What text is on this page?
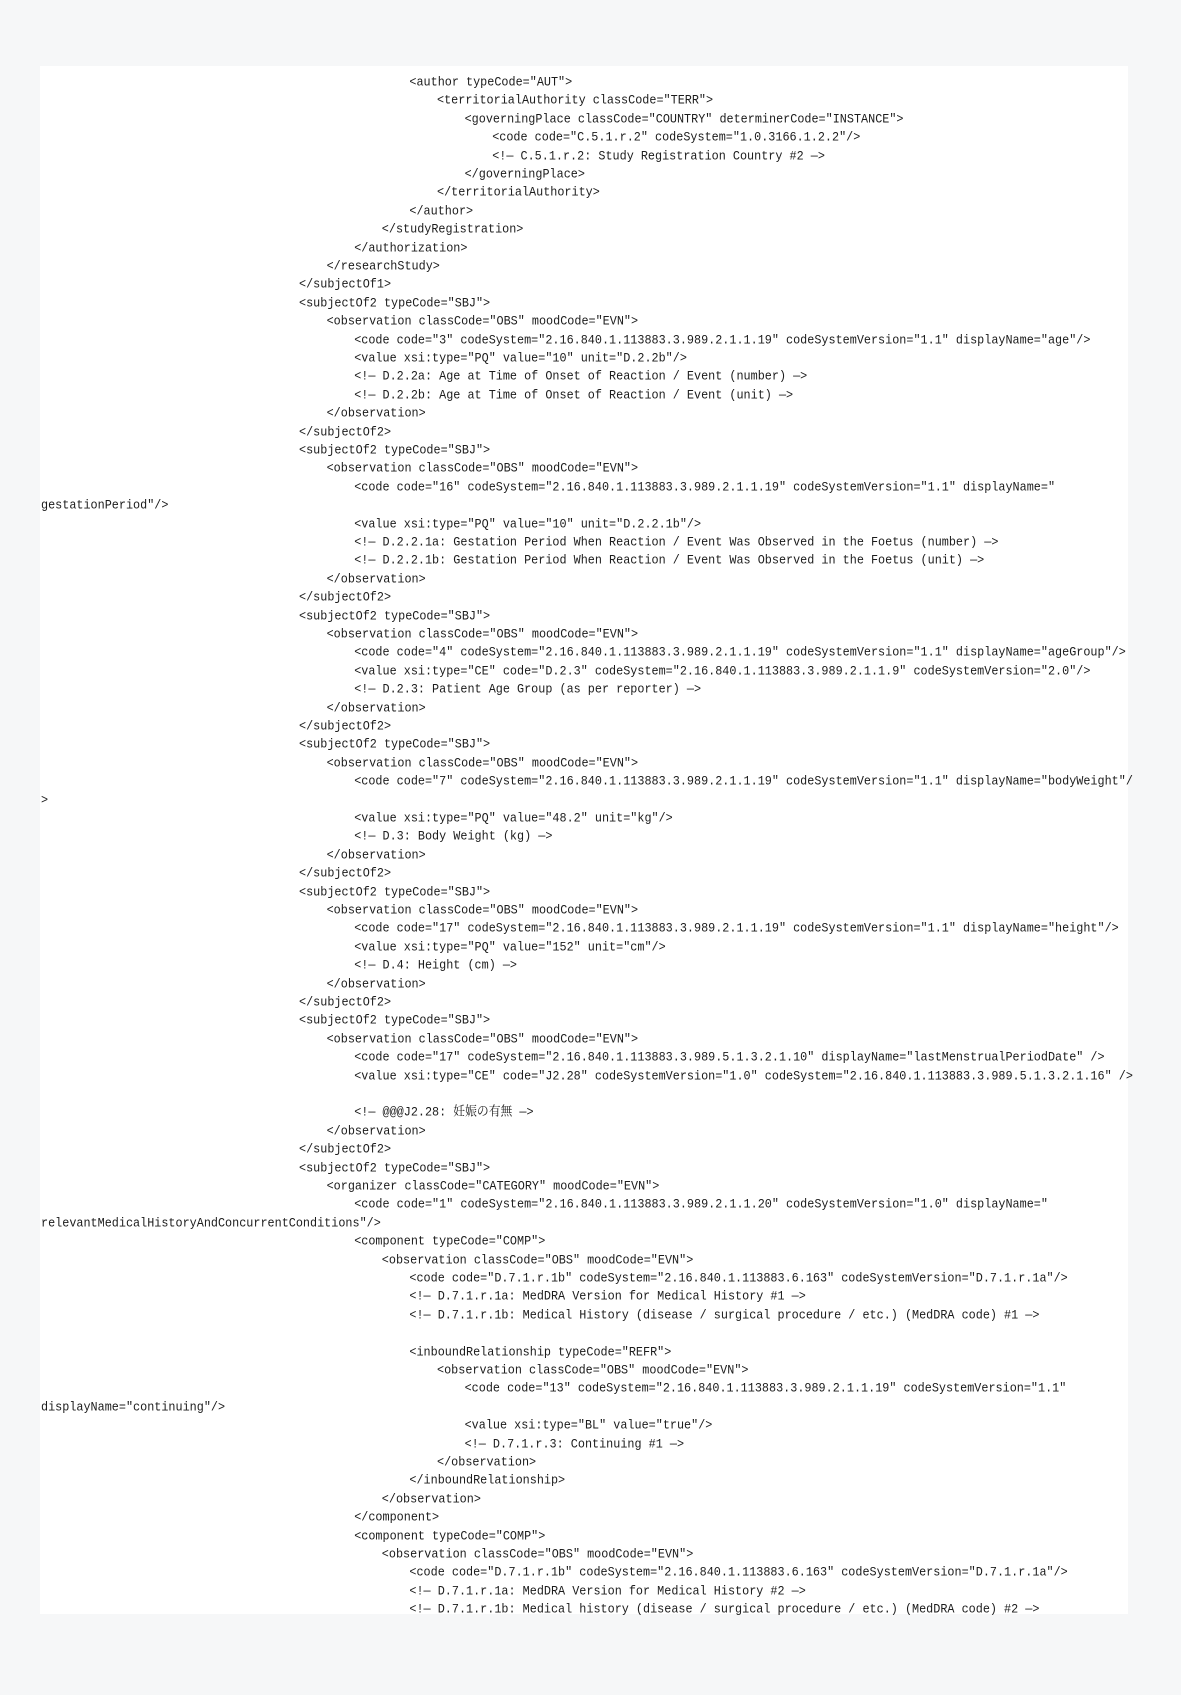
<author typeCode="AUT">
<territorialAuthority classCode="TERR">
<governingPlace classCode="COUNTRY" determinerCode="INSTANCE">
<code code="C.5.1.r.2" codeSystem="1.0.3166.1.2.2"/>
<!— C.5.1.r.2: Study Registration Country #2 —>
</governingPlace>
</territorialAuthority>
</author>
</studyRegistration>
</authorization>
</researchStudy>
</subjectOf1>
<subjectOf2 typeCode="SBJ">
<observation classCode="OBS" moodCode="EVN">
<code code="3" codeSystem="2.16.840.1.113883.3.989.2.1.1.19" codeSystemVersion="1.1" displayName="age"/>
<value xsi:type="PQ" value="10" unit="D.2.2b"/>
<!— D.2.2a: Age at Time of Onset of Reaction / Event (number) —>
<!— D.2.2b: Age at Time of Onset of Reaction / Event (unit) —>
</observation>
</subjectOf2>
<subjectOf2 typeCode="SBJ">
<observation classCode="OBS" moodCode="EVN">
<code code="16" codeSystem="2.16.840.1.113883.3.989.2.1.1.19" codeSystemVersion="1.1" displayName="
gestationPeriod"/>
<value xsi:type="PQ" value="10" unit="D.2.2.1b"/>
<!— D.2.2.1a: Gestation Period When Reaction / Event Was Observed in the Foetus (number) —>
<!— D.2.2.1b: Gestation Period When Reaction / Event Was Observed in the Foetus (unit) —>
</observation>
</subjectOf2>
<subjectOf2 typeCode="SBJ">
<observation classCode="OBS" moodCode="EVN">
<code code="4" codeSystem="2.16.840.1.113883.3.989.2.1.1.19" codeSystemVersion="1.1" displayName="ageGroup"/>
<value xsi:type="CE" code="D.2.3" codeSystem="2.16.840.1.113883.3.989.2.1.1.9" codeSystemVersion="2.0"/>
<!— D.2.3: Patient Age Group (as per reporter) —>
</observation>
</subjectOf2>
<subjectOf2 typeCode="SBJ">
<observation classCode="OBS" moodCode="EVN">
<code code="7" codeSystem="2.16.840.1.113883.3.989.2.1.1.19" codeSystemVersion="1.1" displayName="bodyWeight"/
>
<value xsi:type="PQ" value="48.2" unit="kg"/>
<!— D.3: Body Weight (kg) —>
</observation>
</subjectOf2>
<subjectOf2 typeCode="SBJ">
<observation classCode="OBS" moodCode="EVN">
<code code="17" codeSystem="2.16.840.1.113883.3.989.2.1.1.19" codeSystemVersion="1.1" displayName="height"/>
<value xsi:type="PQ" value="152" unit="cm"/>
<!— D.4: Height (cm) —>
</observation>
</subjectOf2>
<subjectOf2 typeCode="SBJ">
<observation classCode="OBS" moodCode="EVN">
<code code="17" codeSystem="2.16.840.1.113883.3.989.5.1.3.2.1.10" displayName="lastMenstrualPeriodDate" />
<value xsi:type="CE" code="J2.28" codeSystemVersion="1.0" codeSystem="2.16.840.1.113883.3.989.5.1.3.2.1.16" />
<!— @@@J2.28: 妊娠の有無 —>
</observation>
</subjectOf2>
<subjectOf2 typeCode="SBJ">
<organizer classCode="CATEGORY" moodCode="EVN">
<code code="1" codeSystem="2.16.840.1.113883.3.989.2.1.1.20" codeSystemVersion="1.0" displayName="
relevantMedicalHistoryAndConcurrentConditions"/>
<component typeCode="COMP">
<observation classCode="OBS" moodCode="EVN">
<code code="D.7.1.r.1b" codeSystem="2.16.840.1.113883.6.163" codeSystemVersion="D.7.1.r.1a"/>
<!— D.7.1.r.1a: MedDRA Version for Medical History #1 —>
<!— D.7.1.r.1b: Medical History (disease / surgical procedure / etc.) (MedDRA code) #1 —>
<inboundRelationship typeCode="REFR">
<observation classCode="OBS" moodCode="EVN">
<code code="13" codeSystem="2.16.840.1.113883.3.989.2.1.1.19" codeSystemVersion="1.1"
displayName="continuing"/>
<value xsi:type="BL" value="true"/>
<!— D.7.1.r.3: Continuing #1 —>
</observation>
</inboundRelationship>
</observation>
</component>
<component typeCode="COMP">
<observation classCode="OBS" moodCode="EVN">
<code code="D.7.1.r.1b" codeSystem="2.16.840.1.113883.6.163" codeSystemVersion="D.7.1.r.1a"/>
<!— D.7.1.r.1a: MedDRA Version for Medical History #2 —>
<!— D.7.1.r.1b: Medical history (disease / surgical procedure / etc.) (MedDRA code) #2 —>
